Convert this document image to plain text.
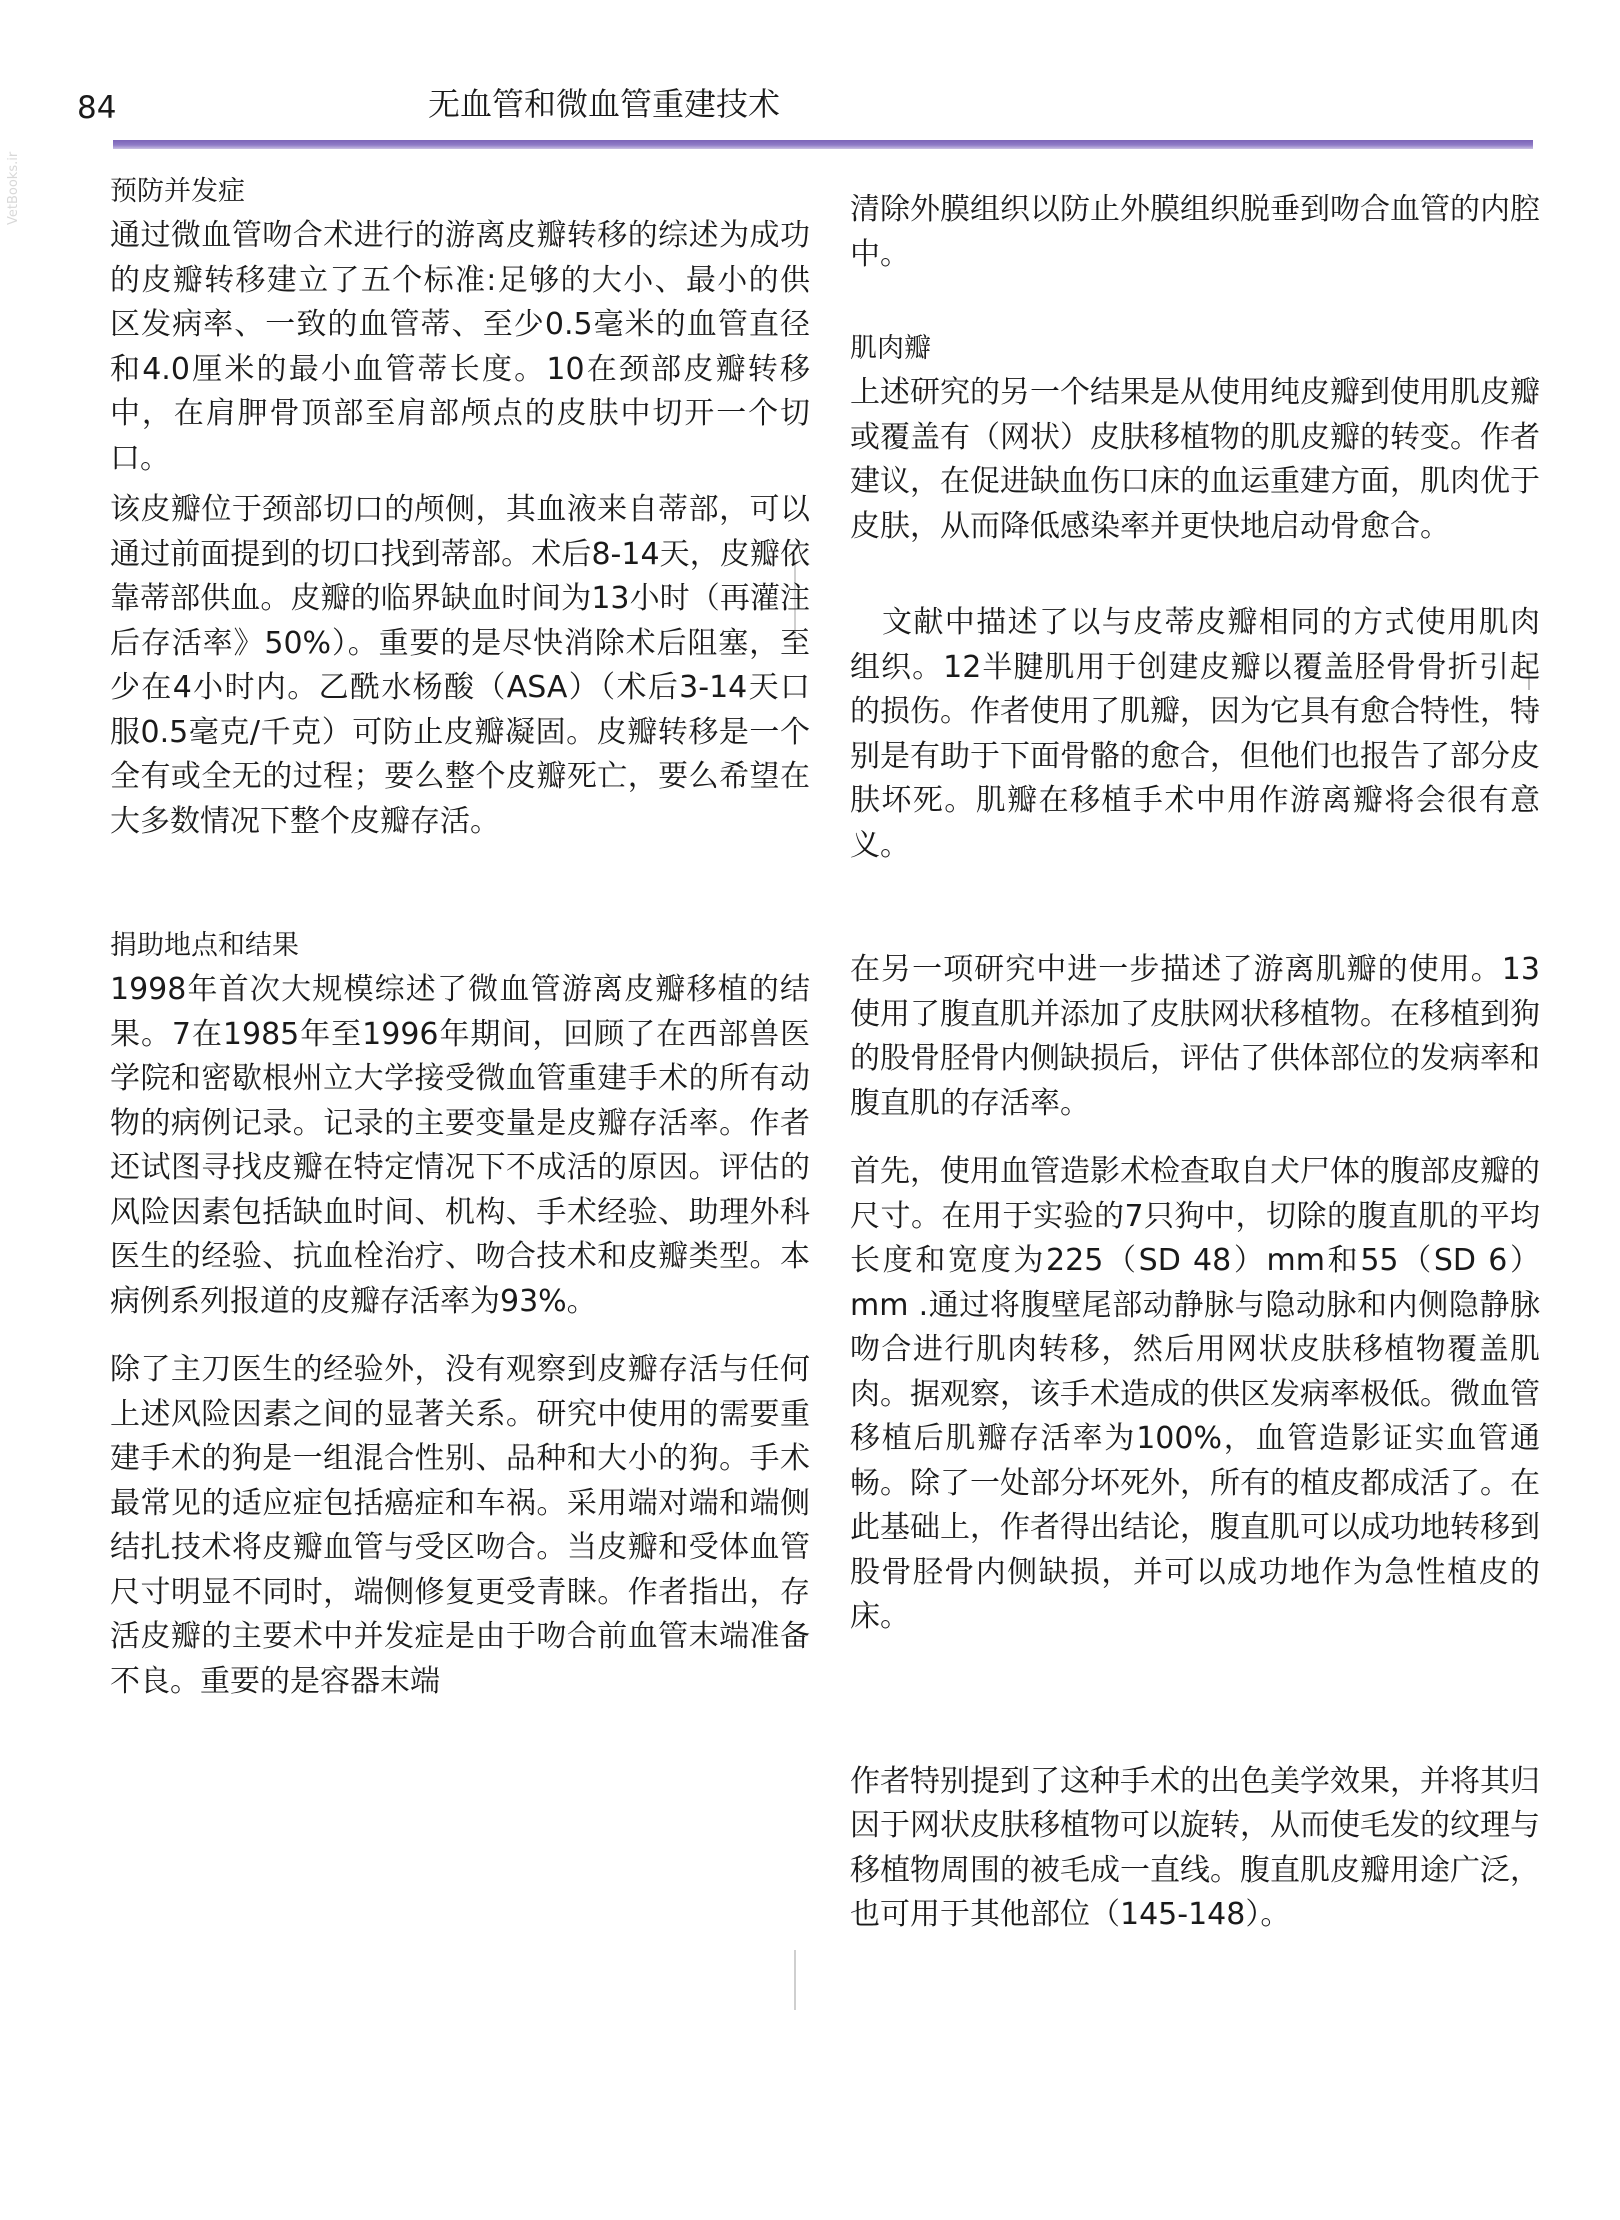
84	无血管和微血管重建技术
VetBooks.ir	预防并发症

通过微血管吻合术进行的游离皮瓣转移的综述为成功的皮瓣转移建立了五个标准:足够的大小、最小的供区发病率、一致的血管蒂、至少0.5毫米的血管直径和4.0厘米的最小血管蒂长度。10在颈部皮瓣转移中，在肩胛骨顶部至肩部颅点的皮肤中切开一个切口。

该皮瓣位于颈部切口的颅侧，其血液来自蒂部，可以通过前面提到的切口找到蒂部。术后8-14天，皮瓣依靠蒂部供血。皮瓣的临界缺血时间为13小时（再灌注后存活率》50%）。重要的是尽快消除术后阻塞，至少在4小时内。乙酰水杨酸（ASA）（术后3-14天口服0.5毫克/千克）可防止皮瓣凝固。皮瓣转移是一个全有或全无的过程；要么整个皮瓣死亡，要么希望在大多数情况下整个皮瓣存活。

捐助地点和结果

1998年首次大规模综述了微血管游离皮瓣移植的结果。7在1985年至1996年期间，回顾了在西部兽医学院和密歇根州立大学接受微血管重建手术的所有动物的病例记录。记录的主要变量是皮瓣存活率。作者还试图寻找皮瓣在特定情况下不成活的原因。评估的风险因素包括缺血时间、机构、手术经验、助理外科医生的经验、抗血栓治疗、吻合技术和皮瓣类型。本病例系列报道的皮瓣存活率为93%。

除了主刀医生的经验外，没有观察到皮瓣存活与任何上述风险因素之间的显著关系。研究中使用的需要重建手术的狗是一组混合性别、品种和大小的狗。手术最常见的适应症包括癌症和车祸。采用端对端和端侧结扎技术将皮瓣血管与受区吻合。当皮瓣和受体血管尺寸明显不同时，端侧修复更受青睐。作者指出，存活皮瓣的主要术中并发症是由于吻合前血管末端准备不良。重要的是容器末端

清除外膜组织以防止外膜组织脱垂到吻合血管的内腔中。

肌肉瓣

上述研究的另一个结果是从使用纯皮瓣到使用肌皮瓣或覆盖有（网状）皮肤移植物的肌皮瓣的转变。作者建议，在促进缺血伤口床的血运重建方面，肌肉优于皮肤，从而降低感染率并更快地启动骨愈合。

文献中描述了以与皮蒂皮瓣相同的方式使用肌肉组织。12半腱肌用于创建皮瓣以覆盖胫骨骨折引起的损伤。作者使用了肌瓣，因为它具有愈合特性，特别是有助于下面骨骼的愈合，但他们也报告了部分皮肤坏死。肌瓣在移植手术中用作游离瓣将会很有意义。

在另一项研究中进一步描述了游离肌瓣的使用。13使用了腹直肌并添加了皮肤网状移植物。在移植到狗的股骨胫骨内侧缺损后，评估了供体部位的发病率和腹直肌的存活率。

首先，使用血管造影术检查取自犬尸体的腹部皮瓣的尺寸。在用于实验的7只狗中，切除的腹直肌的平均长度和宽度为225（SD 48）mm和55（SD 6）mm .通过将腹壁尾部动静脉与隐动脉和内侧隐静脉吻合进行肌肉转移，然后用网状皮肤移植物覆盖肌肉。据观察，该手术造成的供区发病率极低。微血管移植后肌瓣存活率为100%，血管造影证实血管通畅。除了一处部分坏死外，所有的植皮都成活了。在此基础上，作者得出结论，腹直肌可以成功地转移到股骨胫骨内侧缺损，并可以成功地作为急性植皮的床。

作者特别提到了这种手术的出色美学效果，并将其归因于网状皮肤移植物可以旋转，从而使毛发的纹理与移植物周围的被毛成一直线。腹直肌皮瓣用途广泛，也可用于其他部位（145-148）。
